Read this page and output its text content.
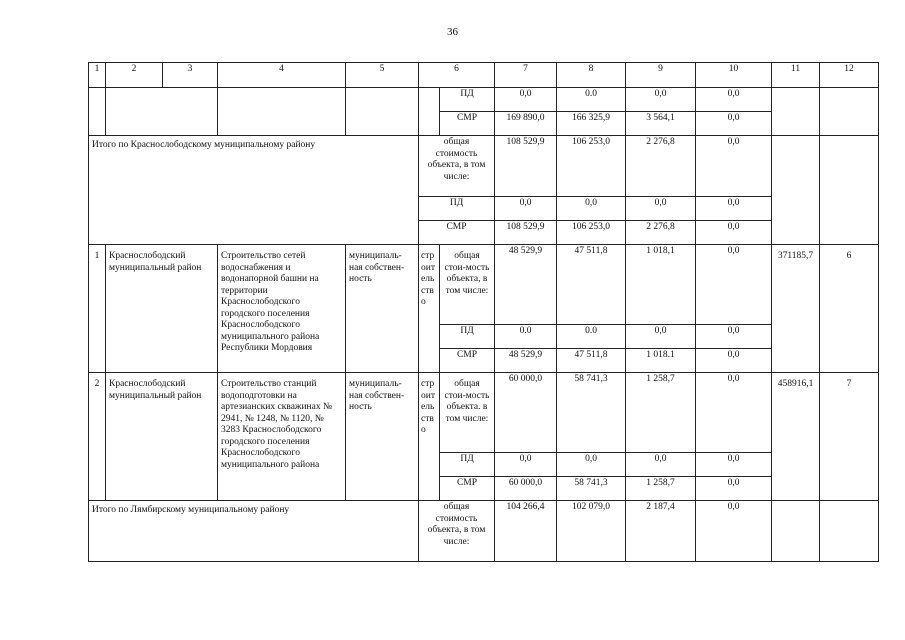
36
1	2	3	4	5	6		7	8	9	10	11	12
						ПД	0,0	0.0	0,0	0,0		
						СМР	169 890,0	166 325,9	3 564,1	0,0		
Итого по Краснослободскому муниципальному району					общая стоимость объекта, в том числе:		108 529,9	106 253,0	2 276,8	0,0		
					ПД		0,0	0,0	0,0	0,0		
					СМР		108 529,9	106 253,0	2 276,8	0,0		
1	Краснослободский муниципальный район		Строительство сетей водоснабжения и водонапорной башни на территории Краснослободского городского поселения Краснослободского муниципального района Республики Мордовия	муниципаль-ная собствен-ность	строительство	общая стои-мость объекта, в том числе:	48 529,9	47 511,8	1 018,1	0,0	371185,7	6
						ПД	0.0	0.0	0,0	0,0		
						СМР	48 529,9	47 511,8	1 018.1	0,0		
2	Краснослободский муниципальный район		Строительство станций водоподготовки на артезианских скважинах № 2941, № 1248, № 1120, № 3283 Краснослободского городского поселения Краснослободского муниципального района	муниципаль-ная собствен-ность	строительство	общая стои-мость объекта. в том числе:	60 000,0	58 741,3	1 258,7	0,0	458916,1	7
						ПД	0,0	0,0	0,0	0,0		
						СМР	60 000,0	58 741,3	1 258,7	0,0		
Итого по Лямбирскому муниципальному району					общая стоимость объекта, в том числе:		104 266,4	102 079,0	2 187,4	0,0		
